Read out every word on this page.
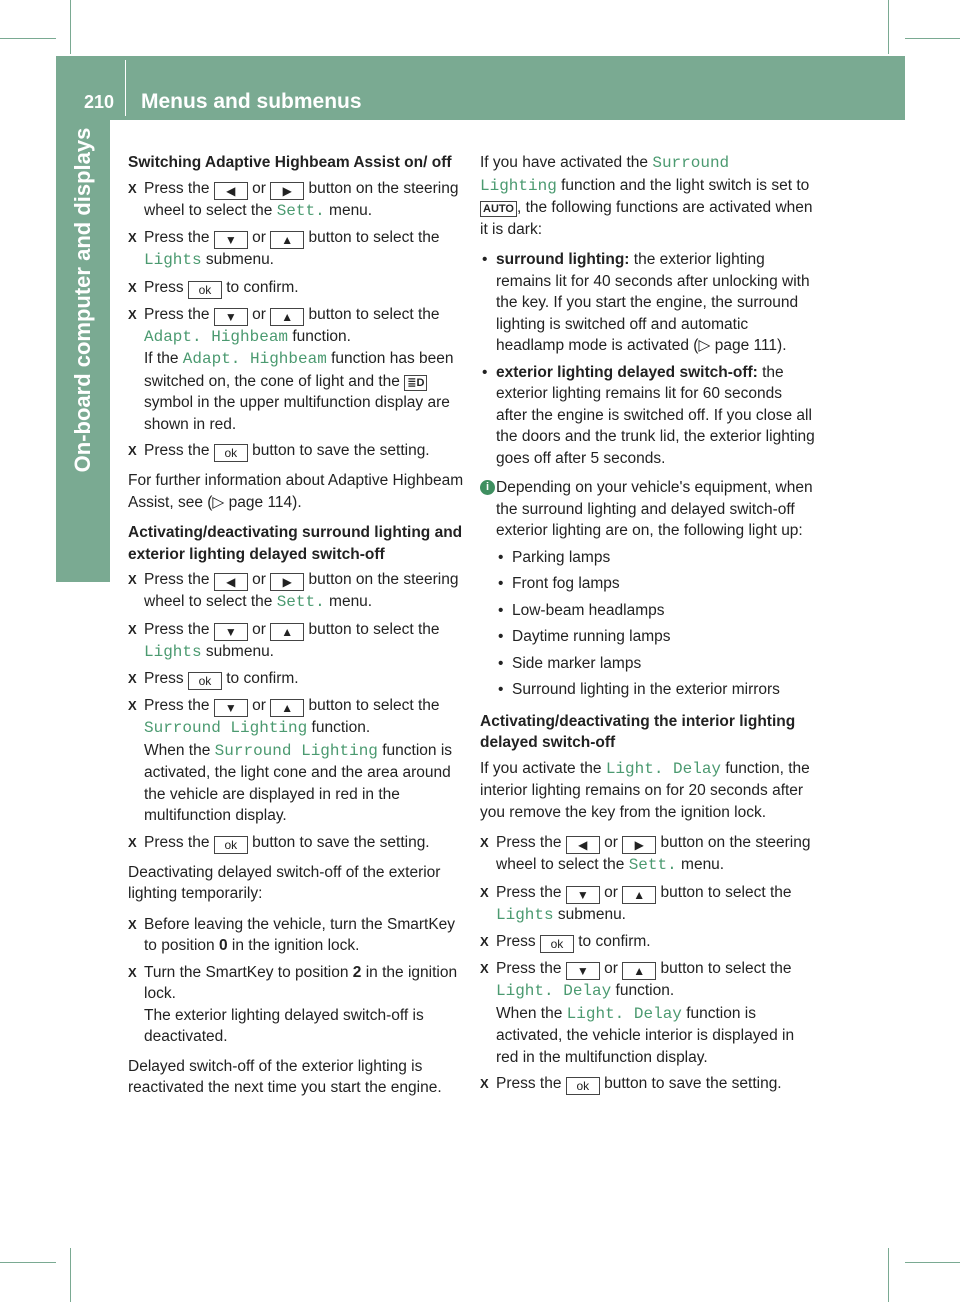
On-board computer and displays
210 Menus and submenus

Switching Adaptive Highbeam Assist on/ off

X Press the ◀ or ▶ button on the steering wheel to select the Sett. menu.
X Press the ▼ or ▲ button to select the Lights submenu.
X Press ok to confirm.
X Press the ▼ or ▲ button to select the Adapt. Highbeam function.
If the Adapt. Highbeam function has been switched on, the cone of light and the ≣D symbol in the upper multifunction display are shown in red.
X Press the ok button to save the setting.

For further information about Adaptive Highbeam Assist, see (▷ page 114).

Activating/deactivating surround lighting and exterior lighting delayed switch-off

X Press the ◀ or ▶ button on the steering wheel to select the Sett. menu.
X Press the ▼ or ▲ button to select the Lights submenu.
X Press ok to confirm.
X Press the ▼ or ▲ button to select the Surround Lighting function.
When the Surround Lighting function is activated, the light cone and the area around the vehicle are displayed in red in the multifunction display.
X Press the ok button to save the setting.

Deactivating delayed switch-off of the exterior lighting temporarily:

X Before leaving the vehicle, turn the SmartKey to position 0 in the ignition lock.
X Turn the SmartKey to position 2 in the ignition lock.
The exterior lighting delayed switch-off is deactivated.

Delayed switch-off of the exterior lighting is reactivated the next time you start the engine.

If you have activated the Surround Lighting function and the light switch is set to AUTO , the following functions are activated when it is dark:

• surround lighting: the exterior lighting remains lit for 40 seconds after unlocking with the key. If you start the engine, the surround lighting is switched off and automatic headlamp mode is activated (▷ page 111).
• exterior lighting delayed switch-off: the exterior lighting remains lit for 60 seconds after the engine is switched off. If you close all the doors and the trunk lid, the exterior lighting goes off after 5 seconds.
i Depending on your vehicle's equipment, when the surround lighting and delayed switch-off exterior lighting are on, the following light up:
• Parking lamps
• Front fog lamps
• Low-beam headlamps
• Daytime running lamps
• Side marker lamps
• Surround lighting in the exterior mirrors

Activating/deactivating the interior lighting delayed switch-off

If you activate the Light. Delay function, the interior lighting remains on for 20 seconds after you remove the key from the ignition lock.

X Press the ◀ or ▶ button on the steering wheel to select the Sett. menu.
X Press the ▼ or ▲ button to select the Lights submenu.
X Press ok to confirm.
X Press the ▼ or ▲ button to select the Light. Delay function.
When the Light. Delay function is activated, the vehicle interior is displayed in red in the multifunction display.
X Press the ok button to save the setting.
